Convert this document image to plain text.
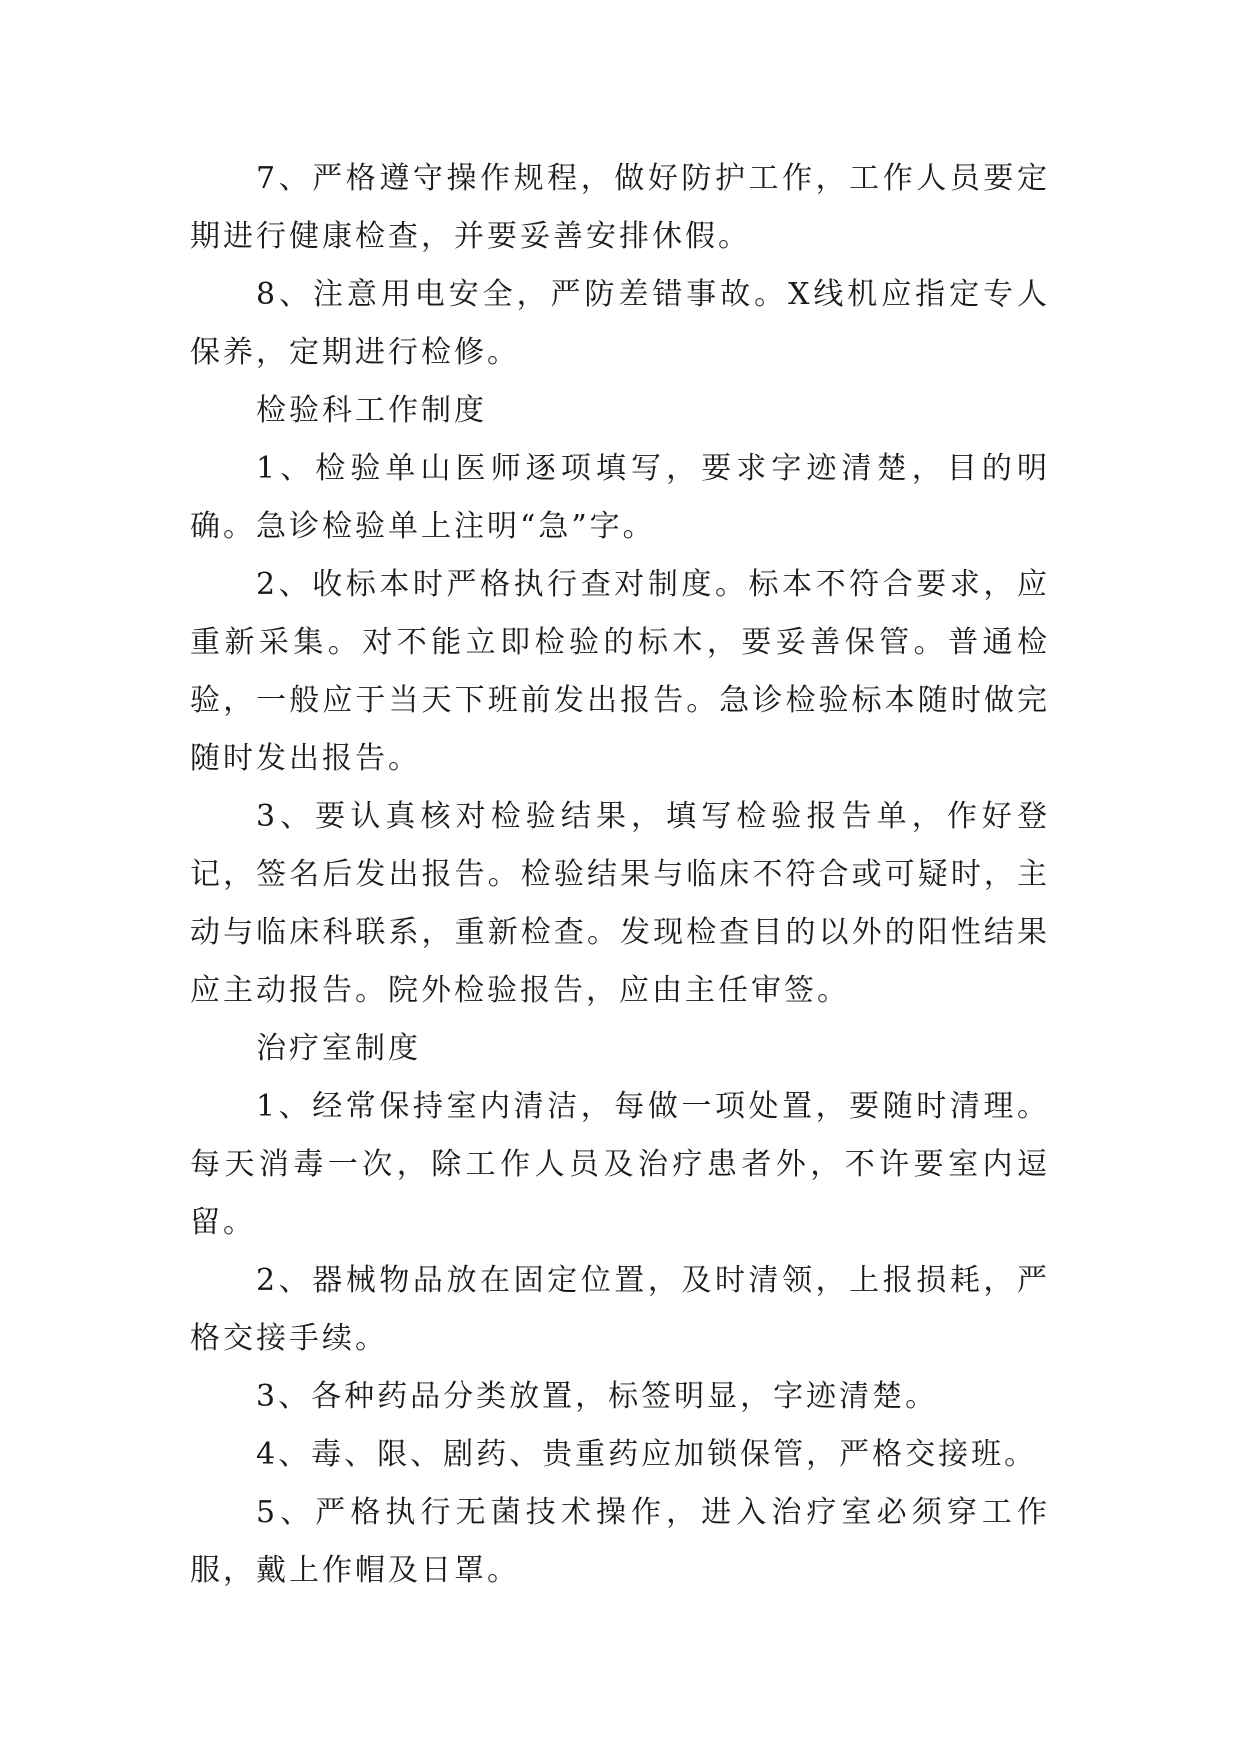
7、严格遵守操作规程，做好防护工作，工作人员要定期进行健康检查，并要妥善安排休假。

8、注意用电安全，严防差错事故。X线机应指定专人保养，定期进行检修。

检验科工作制度

1、检验单山医师逐项填写，要求字迹清楚，目的明确。急诊检验单上注明“急”字。

2、收标本时严格执行查对制度。标本不符合要求，应重新采集。对不能立即检验的标木，要妥善保管。普通检验，一般应于当天下班前发出报告。急诊检验标本随时做完随时发出报告。

3、要认真核对检验结果，填写检验报告单，作好登记，签名后发出报告。检验结果与临床不符合或可疑时，主动与临床科联系，重新检查。发现检查目的以外的阳性结果应主动报告。院外检验报告，应由主任审签。

治疗室制度

1、经常保持室内清洁，每做一项处置，要随时清理。每天消毒一次，除工作人员及治疗患者外，不许要室内逗留。

2、器械物品放在固定位置，及时清领，上报损耗，严格交接手续。

3、各种药品分类放置，标签明显，字迹清楚。

4、毒、限、剧药、贵重药应加锁保管，严格交接班。

5、严格执行无菌技术操作，进入治疗室必须穿工作服，戴上作帽及日罩。
